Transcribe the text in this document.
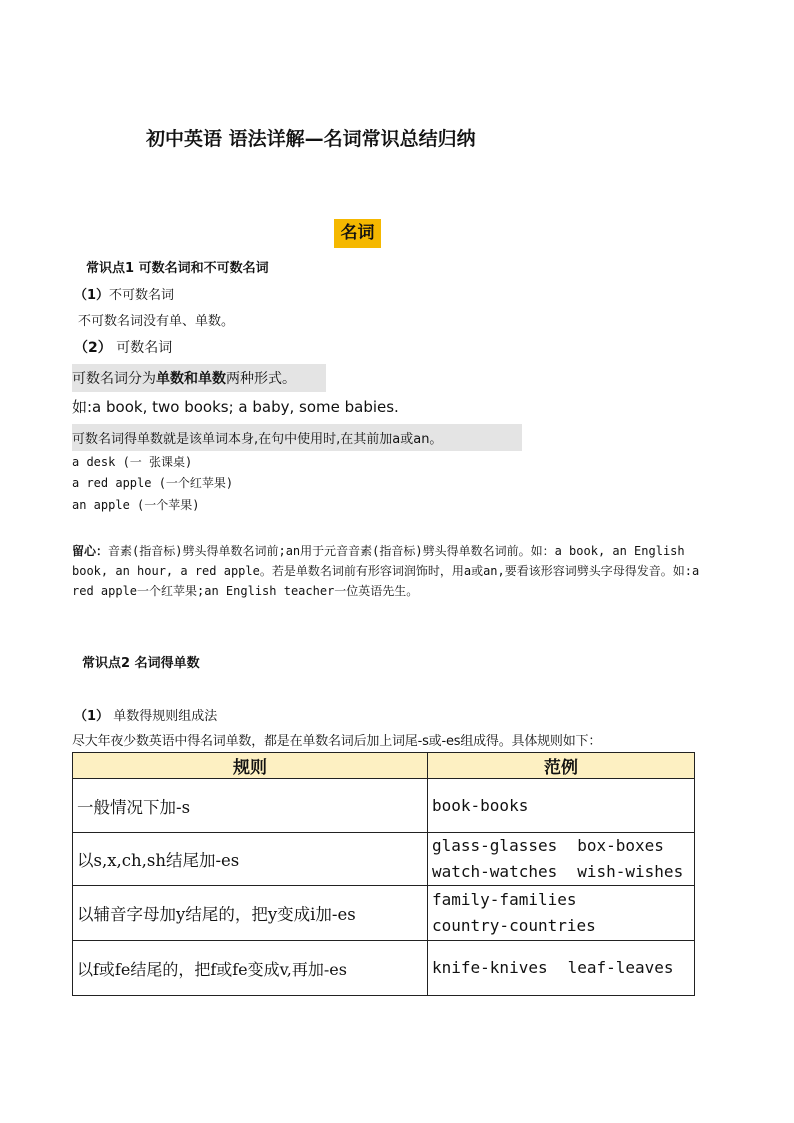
初中英语 语法详解—名词常识总结归纳
名词
常识点1 可数名词和不可数名词
（1）不可数名词
不可数名词没有单、单数。
（2） 可数名词
可数名词分为单数和单数两种形式。
如:a book, two books; a baby, some babies.
可数名词得单数就是该单词本身,在句中使用时,在其前加a或an。
a desk (一 张课桌)
a red apple (一个红苹果)
an apple (一个苹果)
留心：音素(指音标)劈头得单数名词前;an用于元音音素(指音标)劈头得单数名词前。如：a book, an English book, an hour, a red apple。若是单数名词前有形容词润饰时，用a或an,要看该形容词劈头字母得发音。如:a red apple一个红苹果;an English teacher一位英语先生。
常识点2 名词得单数
（1） 单数得规则组成法
尽大年夜少数英语中得名词单数，都是在单数名词后加上词尾-s或-es组成得。具体规则如下：
规则	范例
一般情况下加-s	book-books
以s,x,ch,sh结尾加-es	glass-glasses box-boxes
watch-watches wish-wishes
以辅音字母加y结尾的，把y变成i加-es	family-families
country-countries
以f或fe结尾的，把f或fe变成v,再加-es	knife-knives leaf-leaves
